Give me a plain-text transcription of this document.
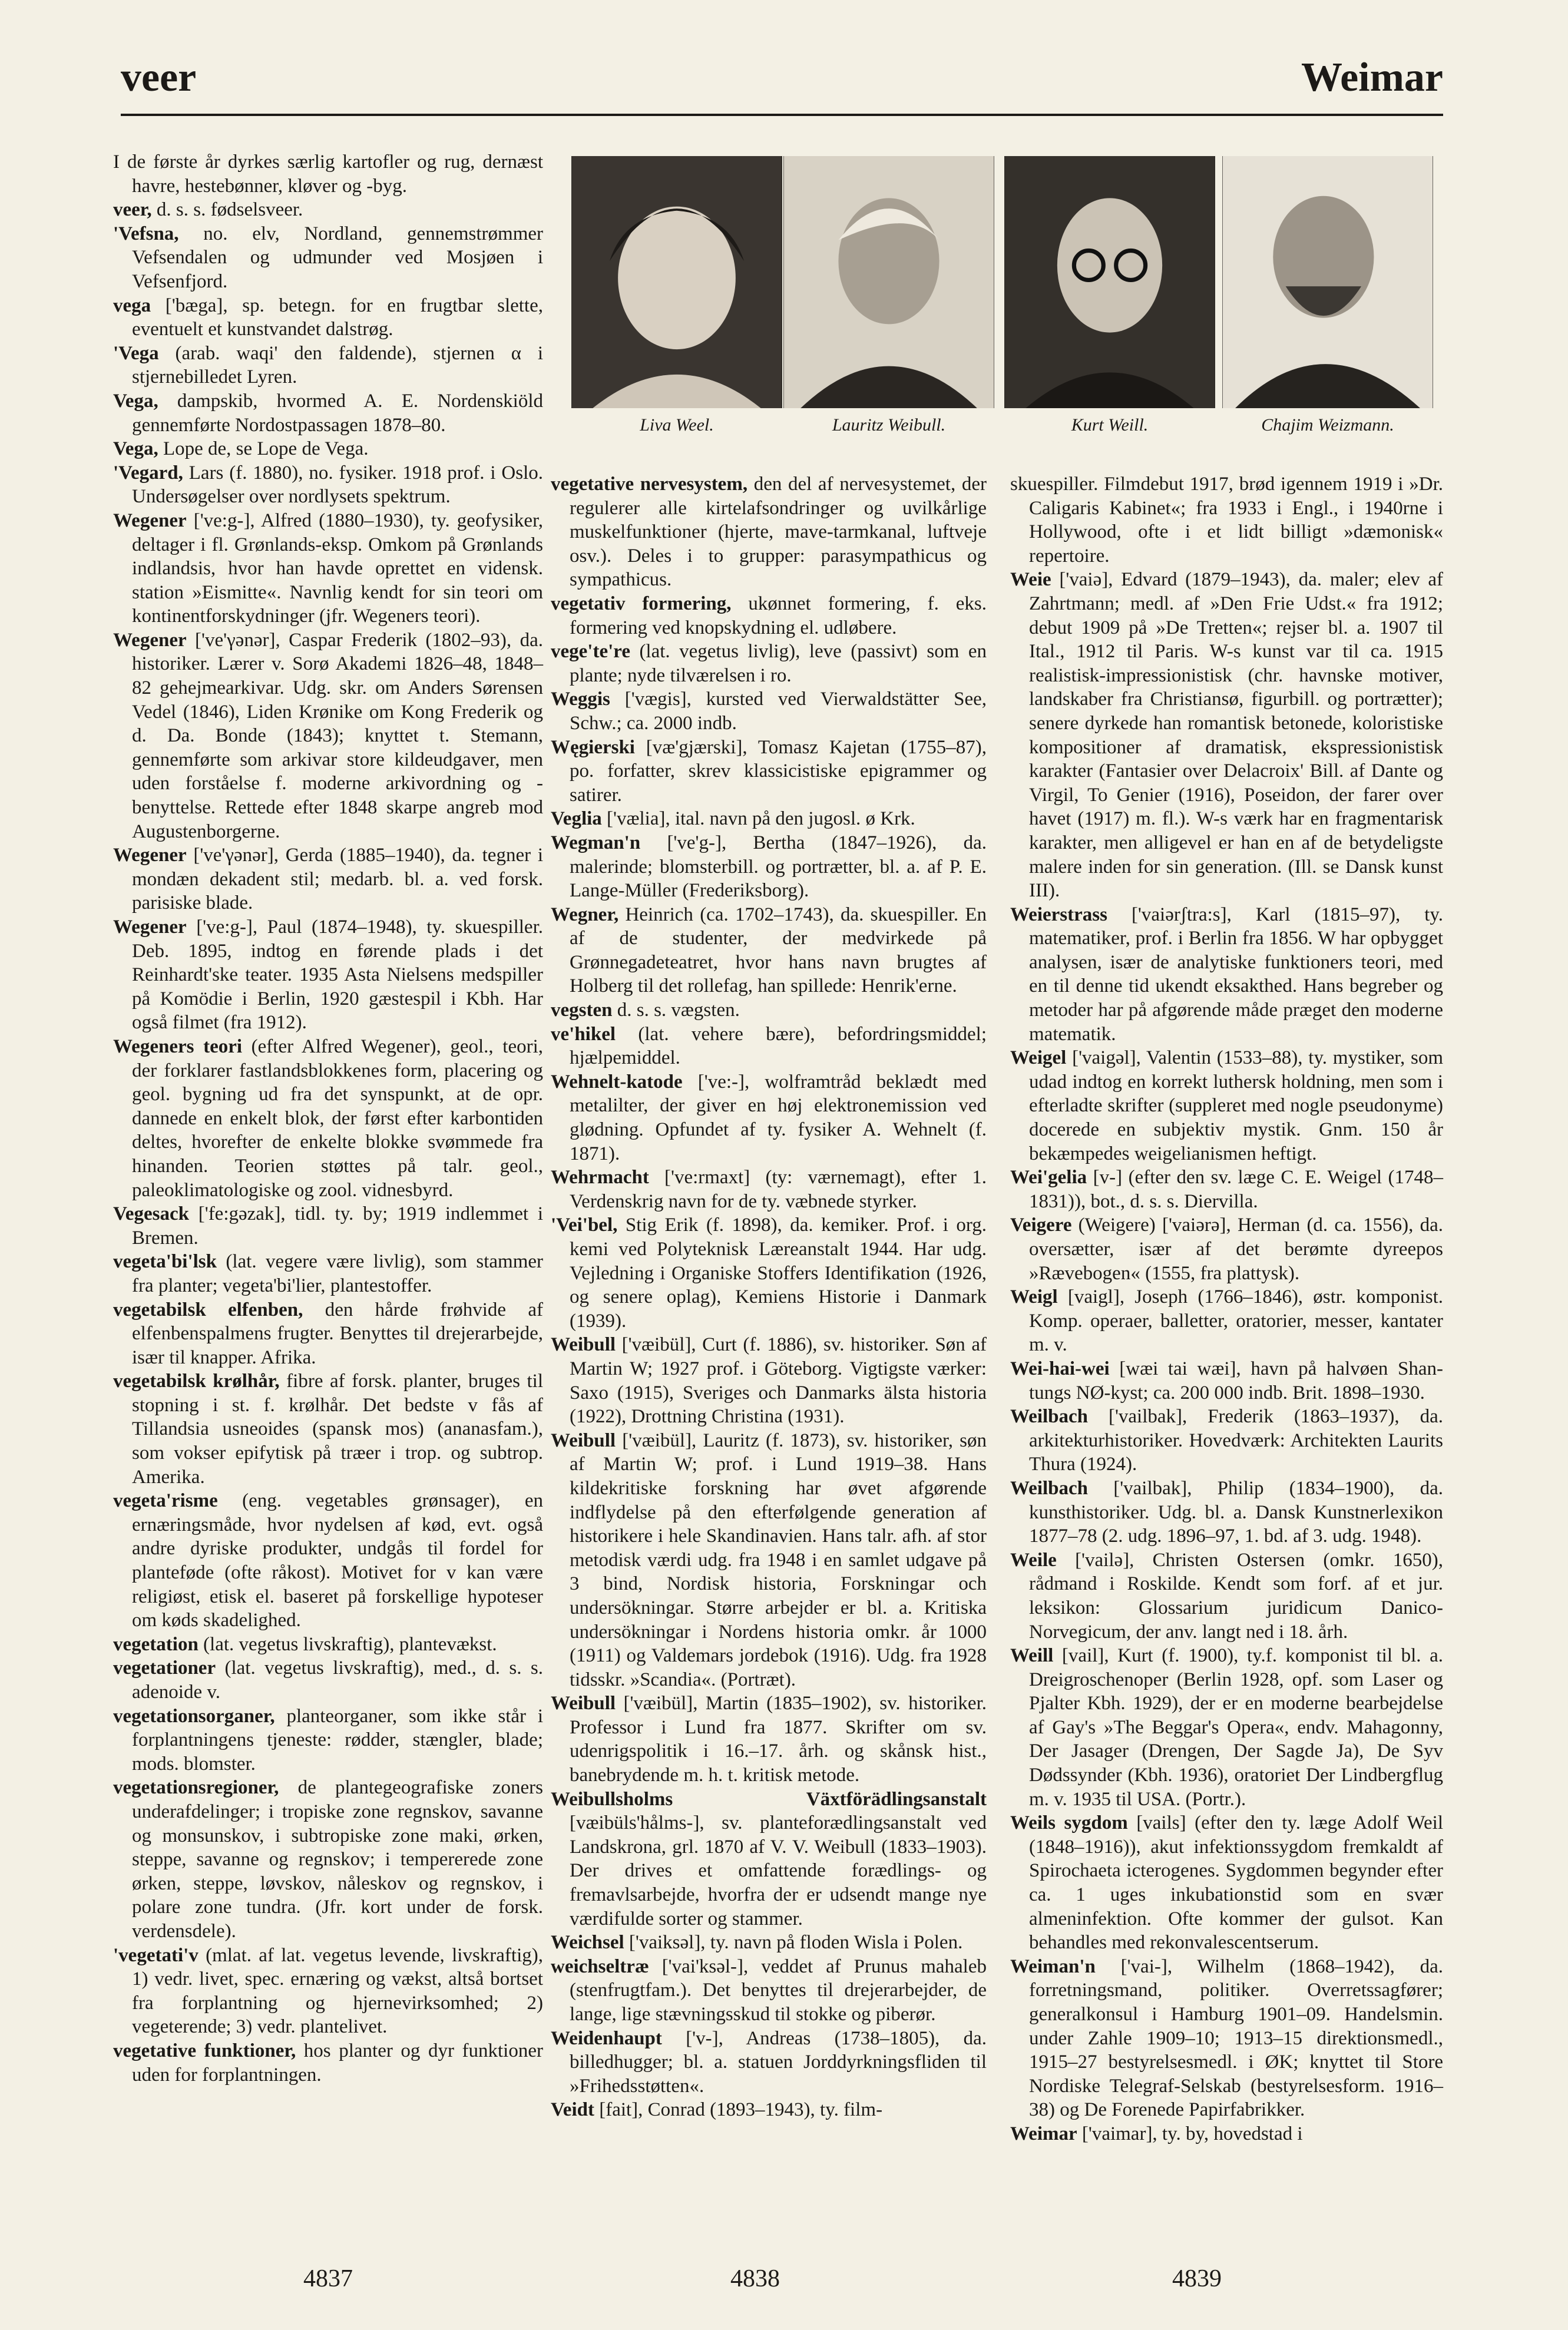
veer	Weimar
Liva Weel.	Lauritz Weibull.	Kurt Weill.	Chajim Weizmann.

I de første år dyrkes særlig kartofler og rug, dernæst havre, hestebønner, kløver og -byg.

veer, d. s. s. fødselsveer.

'Vefsna, no. elv, Nordland, gennemstrømmer Vefsendalen og udmunder ved Mosjøen i Vefsenfjord.

vega ['bæga], sp. betegn. for en frugtbar slette, eventuelt et kunstvandet dalstrøg.

'Vega (arab. waqi' den faldende), stjernen α i stjernebilledet Lyren.

Vega, dampskib, hvormed A. E. Nordenskiöld gennemførte Nordostpassagen 1878–80.

Vega, Lope de, se Lope de Vega.

'Vegard, Lars (f. 1880), no. fysiker. 1918 prof. i Oslo. Undersøgelser over nordlysets spektrum.

Wegener ['ve:g-], Alfred (1880–1930), ty. geofysiker, deltager i fl. Grønlands-eksp. Omkom på Grønlands indlandsis, hvor han havde oprettet en vidensk. station »Eismitte«. Navnlig kendt for sin teori om kontinentforskydninger (jfr. Wegeners teori).

Wegener ['ve'γənər], Caspar Frederik (1802–93), da. historiker. Lærer v. Sorø Akademi 1826–48, 1848–82 gehejmearkivar. Udg. skr. om Anders Sørensen Vedel (1846), Liden Krønike om Kong Frederik og d. Da. Bonde (1843); knyttet t. Stemann, gennemførte som arkivar store kildeudgaver, men uden forståelse f. moderne arkivordning og -benyttelse. Rettede efter 1848 skarpe angreb mod Augustenborgerne.

Wegener ['ve'γənər], Gerda (1885–1940), da. tegner i mondæn dekadent stil; medarb. bl. a. ved forsk. parisiske blade.

Wegener ['ve:g-], Paul (1874–1948), ty. skuespiller. Deb. 1895, indtog en førende plads i det Reinhardt'ske teater. 1935 Asta Nielsens medspiller på Komödie i Berlin, 1920 gæstespil i Kbh. Har også filmet (fra 1912).

Wegeners teori (efter Alfred Wegener), geol., teori, der forklarer fastlandsblokkenes form, placering og geol. bygning ud fra det synspunkt, at de opr. dannede en enkelt blok, der først efter karbontiden deltes, hvorefter de enkelte blokke svømmede fra hinanden. Teorien støttes på talr. geol., paleoklimatologiske og zool. vidnesbyrd.

Vegesack ['fe:gəzak], tidl. ty. by; 1919 indlemmet i Bremen.

vegeta'bi'lsk (lat. vegere være livlig), som stammer fra planter; vegeta'bi'lier, plantestoffer.

vegetabilsk elfenben, den hårde frøhvide af elfenbenspalmens frugter. Benyttes til drejerarbejde, især til knapper. Afrika.

vegetabilsk krølhår, fibre af forsk. planter, bruges til stopning i st. f. krølhår. Det bedste v fås af Tillandsia usneoides (spansk mos) (ananasfam.), som vokser epifytisk på træer i trop. og subtrop. Amerika.

vegeta'risme (eng. vegetables grønsager), en ernæringsmåde, hvor nydelsen af kød, evt. også andre dyriske produkter, undgås til fordel for plantefødе (ofte råkost). Motivet for v kan være religiøst, etisk el. baseret på forskellige hypoteser om køds skadelighed.

vegetation (lat. vegetus livskraftig), plantevækst.

vegetationer (lat. vegetus livskraftig), med., d. s. s. adenoide v.

vegetationsorganer, planteorganer, som ikke står i forplantningens tjeneste: rødder, stængler, blade; mods. blomster.

vegetationsregioner, de plantegeografiske zoners underafdelinger; i tropiske zone regnskov, savanne og monsunskov, i subtropiske zone maki, ørken, steppe, savanne og regnskov; i tempererede zone ørken, steppe, løvskov, nåleskov og regnskov, i polare zone tundra. (Jfr. kort under de forsk. verdensdele).

'vegetati'v (mlat. af lat. vegetus levende, livskraftig), 1) vedr. livet, spec. ernæring og vækst, altså bortset fra forplantning og hjernevirksomhed; 2) vegeterende; 3) vedr. plantelivet.

vegetative funktioner, hos planter og dyr funktioner uden for forplantningen.

vegetative nervesystem, den del af nervesystemet, der regulerer alle kirtelafsondringer og uvilkårlige muskelfunktioner (hjerte, mave-tarmkanal, luftveje osv.). Deles i to grupper: parasympathicus og sympathicus.

vegetativ formering, ukønnet formering, f. eks. formering ved knopskydning el. udløbere.

vege'te're (lat. vegetus livlig), leve (passivt) som en plante; nyde tilværelsen i ro.

Weggis ['vægis], kursted ved Vierwaldstätter See, Schw.; ca. 2000 indb.

Węgierski [væ'gjærski], Tomasz Kajetan (1755–87), po. forfatter, skrev klassicistiske epigrammer og satirer.

Veglia ['vælia], ital. navn på den jugosl. ø Krk.

Wegman'n ['ve'g-], Bertha (1847–1926), da. malerinde; blomsterbill. og portrætter, bl. a. af P. E. Lange-Müller (Frederiksborg).

Wegner, Heinrich (ca. 1702–1743), da. skuespiller. En af de studenter, der medvirkede på Grønnegadeteatret, hvor hans navn brugtes af Holberg til det rollefag, han spillede: Henrik'erne.

vegsten d. s. s. vægsten.

ve'hikel (lat. vehere bære), befordringsmiddel; hjælpemiddel.

Wehnelt-katode ['ve:-], wolframtråd beklædt med metalilter, der giver en høj elektronemission ved glødning. Opfundet af ty. fysiker A. Wehnelt (f. 1871).

Wehrmacht ['ve:rmaxt] (ty: værnemagt), efter 1. Verdenskrig navn for de ty. væbnede styrker.

'Vei'bel, Stig Erik (f. 1898), da. kemiker. Prof. i org. kemi ved Polyteknisk Læreanstalt 1944. Har udg. Vejledning i Organiske Stoffers Identifikation (1926, og senere oplag), Kemiens Historie i Danmark (1939).

Weibull ['væibül], Curt (f. 1886), sv. historiker. Søn af Martin W; 1927 prof. i Göteborg. Vigtigste værker: Saxo (1915), Sveriges och Danmarks älsta historia (1922), Drottning Christina (1931).

Weibull ['væibül], Lauritz (f. 1873), sv. historiker, søn af Martin W; prof. i Lund 1919–38. Hans kildekritiske forskning har øvet afgørende indflydelse på den efterfølgende generation af historikere i hele Skandinavien. Hans talr. afh. af stor metodisk værdi udg. fra 1948 i en samlet udgave på 3 bind, Nordisk historia, Forskningar och undersökningar. Større arbejder er bl. a. Kritiska undersökningar i Nordens historia omkr. år 1000 (1911) og Valdemars jordebok (1916). Udg. fra 1928 tidsskr. »Scandia«. (Portræt).

Weibull ['væibül], Martin (1835–1902), sv. historiker. Professor i Lund fra 1877. Skrifter om sv. udenrigspolitik i 16.–17. årh. og skånsk hist., banebrydende m. h. t. kritisk metode.

Weibullsholms Växtförädlingsanstalt [væibüls'hålms-], sv. planteforædlingsanstalt ved Landskrona, grl. 1870 af V. V. Weibull (1833–1903). Der drives et omfattende forædlings- og fremavlsarbejde, hvorfra der er udsendt mange nye værdifulde sorter og stammer.

Weichsel ['vaiksəl], ty. navn på floden Wisla i Polen.

weichseltræ ['vai'ksəl-], veddet af Prunus mahaleb (stenfrugtfam.). Det benyttes til drejerarbejder, de lange, lige stævningsskud til stokke og piberør.

Weidenhaupt ['v-], Andreas (1738–1805), da. billedhugger; bl. a. statuen Jorddyrkningsfliden til »Frihedsstøtten«.

Veidt [fait], Conrad (1893–1943), ty. film-

skuespiller. Filmdebut 1917, brød igennem 1919 i »Dr. Caligaris Kabinet«; fra 1933 i Engl., i 1940rne i Hollywood, ofte i et lidt billigt »dæmonisk« repertoire.

Weie ['vaiə], Edvard (1879–1943), da. maler; elev af Zahrtmann; medl. af »Den Frie Udst.« fra 1912; debut 1909 på »De Tretten«; rejser bl. a. 1907 til Ital., 1912 til Paris. W-s kunst var til ca. 1915 realistisk-impressionistisk (chr. havnske motiver, landskaber fra Christiansø, figurbill. og portrætter); senere dyrkede han romantisk betonede, koloristiske kompositioner af dramatisk, ekspressionistisk karakter (Fantasier over Delacroix' Bill. af Dante og Virgil, To Genier (1916), Poseidon, der farer over havet (1917) m. fl.). W-s værk har en fragmentarisk karakter, men alligevel er han en af de betydeligste malere inden for sin generation. (Ill. se Dansk kunst III).

Weierstrass ['vaiərʃtra:s], Karl (1815–97), ty. matematiker, prof. i Berlin fra 1856. W har opbygget analysen, især de analytiske funktioners teori, med en til denne tid ukendt eksakthed. Hans begreber og metoder har på afgørende måde præget den moderne matematik.

Weigel ['vaigəl], Valentin (1533–88), ty. mystiker, som udad indtog en korrekt luthersk holdning, men som i efterladte skrifter (suppleret med nogle pseudonyme) docerede en subjektiv mystik. Gnm. 150 år bekæmpedes weigelianismen heftigt.

Wei'gelia [v-] (efter den sv. læge C. E. Weigel (1748–1831)), bot., d. s. s. Diervilla.

Veigere (Weigere) ['vaiərə], Herman (d. ca. 1556), da. oversætter, især af det berømte dyreepos »Rævebogen« (1555, fra plattysk).

Weigl [vaigl], Joseph (1766–1846), østr. komponist. Komp. operaer, balletter, oratorier, messer, kantater m. v.

Wei-hai-wei [wæi tai wæi], havn på halvøen Shan-tungs NØ-kyst; ca. 200 000 indb. Brit. 1898–1930.

Weilbach ['vailbak], Frederik (1863–1937), da. arkitekturhistoriker. Hovedværk: Architekten Laurits Thura (1924).

Weilbach ['vailbak], Philip (1834–1900), da. kunsthistoriker. Udg. bl. a. Dansk Kunstnerlexikon 1877–78 (2. udg. 1896–97, 1. bd. af 3. udg. 1948).

Weile ['vailə], Christen Ostersen (omkr. 1650), rådmand i Roskilde. Kendt som forf. af et jur. leksikon: Glossarium juridicum Danico-Norvegicum, der anv. langt ned i 18. årh.

Weill [vail], Kurt (f. 1900), ty.f. komponist til bl. a. Dreigroschenoper (Berlin 1928, opf. som Laser og Pjalter Kbh. 1929), der er en moderne bearbejdelse af Gay's »The Beggar's Opera«, endv. Mahagonny, Der Jasager (Drengen, Der Sagde Ja), De Syv Dødssynder (Kbh. 1936), oratoriet Der Lindbergflug m. v. 1935 til USA. (Portr.).

Weils sygdom [vails] (efter den ty. læge Adolf Weil (1848–1916)), akut infektionssygdom fremkaldt af Spirochaeta icterogenes. Sygdommen begynder efter ca. 1 uges inkubationstid som en svær almeninfektion. Ofte kommer der gulsot. Kan behandles med rekonvalescentserum.

Weiman'n ['vai-], Wilhelm (1868–1942), da. forretningsmand, politiker. Overretssagfører; generalkonsul i Hamburg 1901–09. Handelsmin. under Zahle 1909–10; 1913–15 direktionsmedl., 1915–27 bestyrelsesmedl. i ØK; knyttet til Store Nordiske Telegraf-Selskab (bestyrelsesform. 1916–38) og De Forenede Papirfabrikker.

Weimar ['vaimar], ty. by, hovedstad i

4837	4838	4839
